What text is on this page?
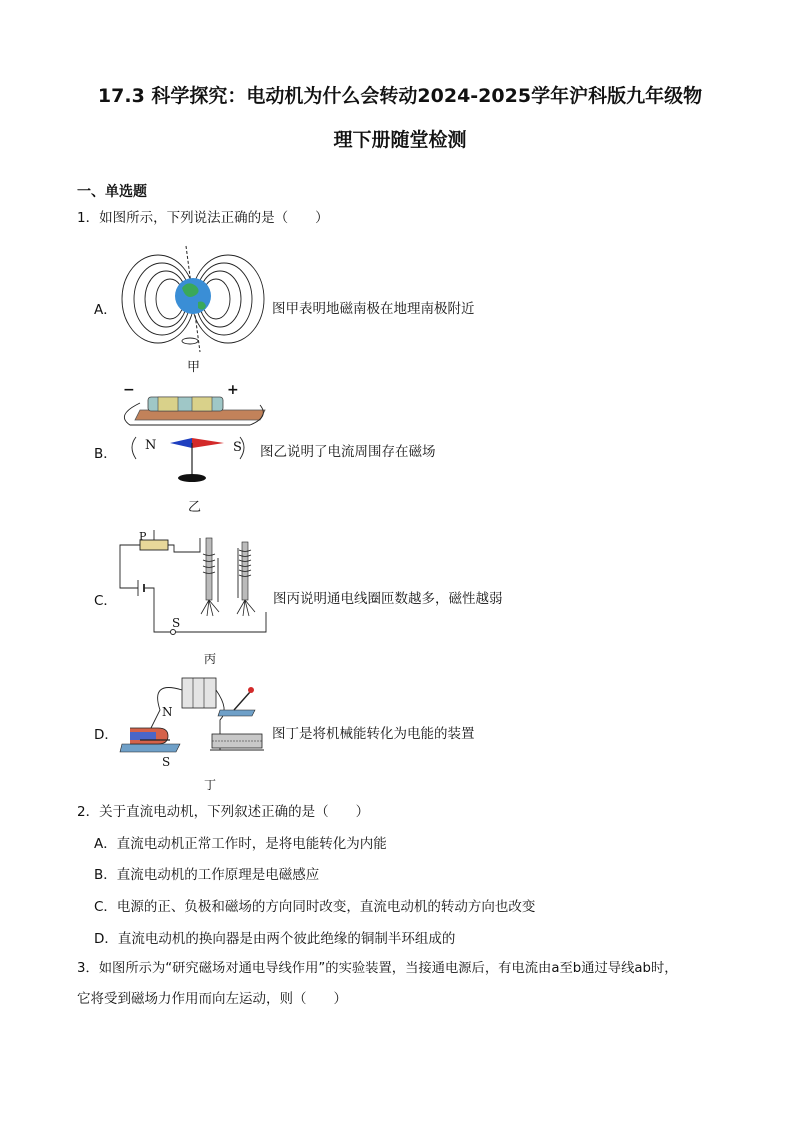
17.3 科学探究：电动机为什么会转动2024-2025学年沪科版九年级物
理下册随堂检测
一、单选题
1．如图所示，下列说法正确的是（　　）
A．	图甲表明地磁南极在地理南极附近
甲
B．
−	+
N	S 图乙说明了电流周围存在磁场
乙
C．
P
S
图丙说明通电线圈匝数越多，磁性越弱
丙
D．
N
S
图丁是将机械能转化为电能的装置
丁
2．关于直流电动机，下列叙述正确的是（　　）
A．直流电动机正常工作时，是将电能转化为内能
B．直流电动机的工作原理是电磁感应
C．电源的正、负极和磁场的方向同时改变，直流电动机的转动方向也改变
D．直流电动机的换向器是由两个彼此绝缘的铜制半环组成的
3．如图所示为“研究磁场对通电导线作用”的实验装置，当接通电源后，有电流由a至b通过导线ab时，
它将受到磁场力作用而向左运动，则（　　）
